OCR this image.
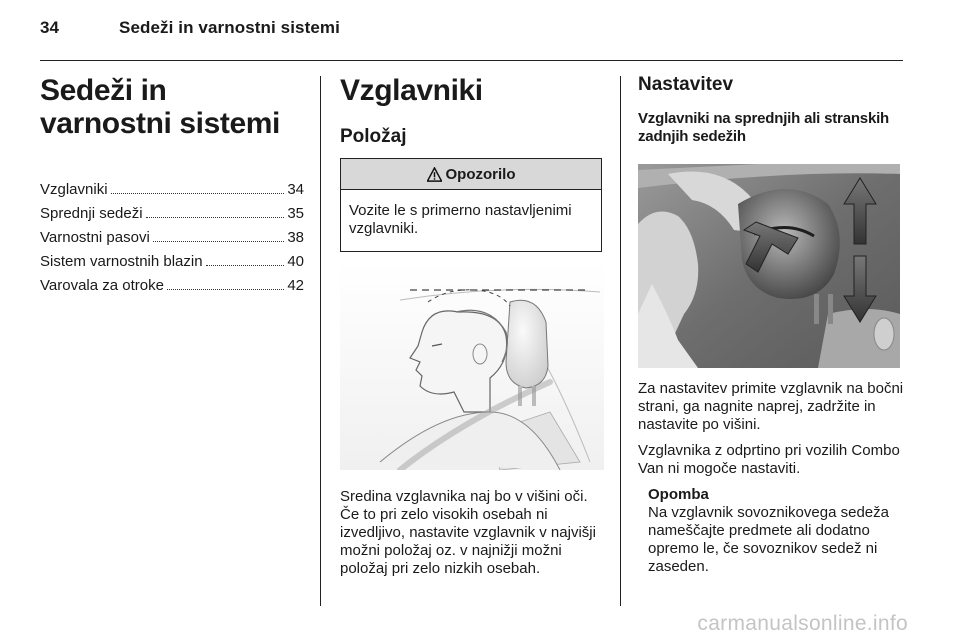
34	Sedeži in varnostni sistemi
Sedeži in varnostni sistemi
Vzglavniki	34
Sprednji sedeži	35
Varnostni pasovi	38
Sistem varnostnih blazin	40
Varovala za otroke	42
Vzglavniki
Položaj
Opozorilo
Vozite le s primerno nastavljenimi vzglavniki.

Sredina vzglavnika naj bo v višini oči. Če to pri zelo visokih osebah ni izvedljivo, nastavite vzglavnik v najvišji možni položaj oz. v najnižji možni položaj pri zelo nizkih osebah.

Nastavitev
Vzglavniki na sprednjih ali stranskih zadnjih sedežih

Za nastavitev primite vzglavnik na bočni strani, ga nagnite naprej, zadržite in nastavite po višini.

Vzglavnika z odprtino pri vozilih Combo Van ni mogoče nastaviti.

Opomba

Na vzglavnik sovoznikovega sedeža nameščajte predmete ali dodatno opremo le, če sovoznikov sedež ni zaseden.

carmanualsonline.info
